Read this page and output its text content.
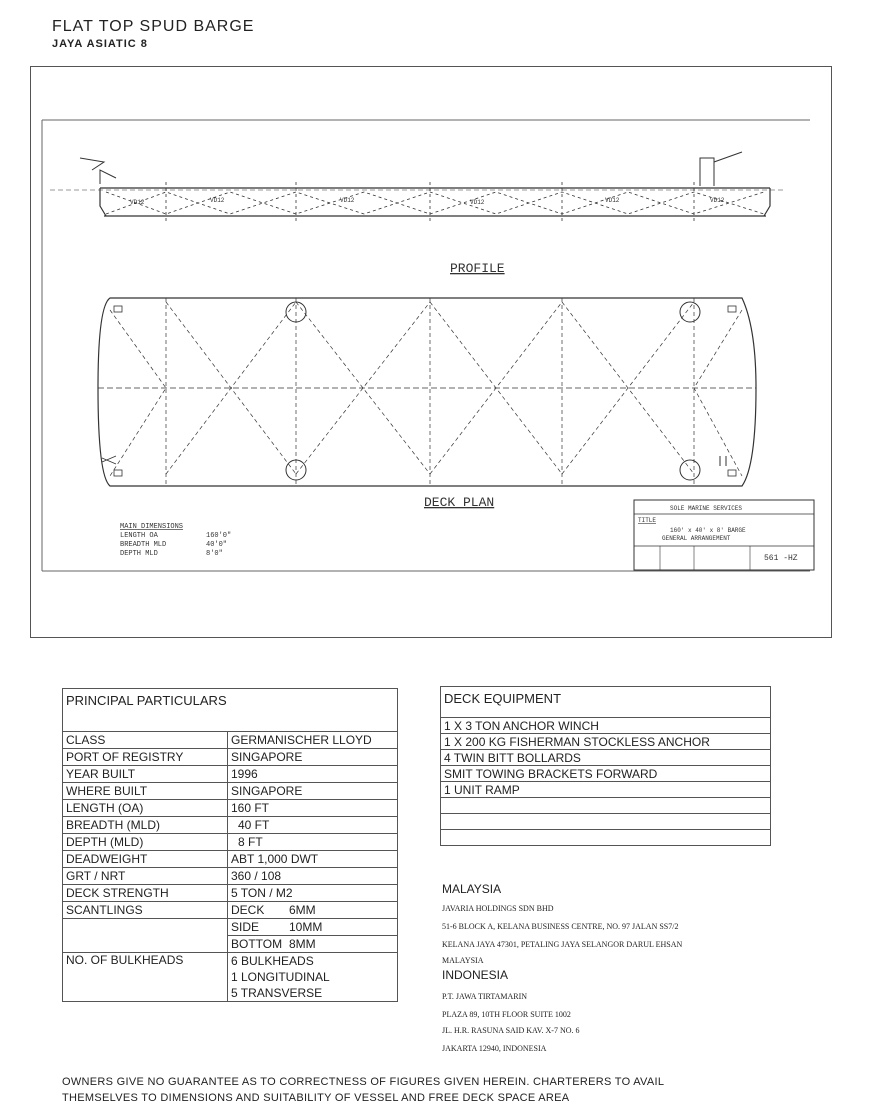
FLAT TOP SPUD BARGE
JAYA ASIATIC 8
VD12	VD12	VD12	VD12	VD12	VD12
PROFILE
DECK PLAN
MAIN DIMENSIONS
LENGTH OA	160'0"
BREADTH MLD	40'0"
DEPTH MLD	8'0"
SOLE MARINE SERVICES
TITLE
160' x 40' x 8' BARGE
GENERAL ARRANGEMENT
561 -HZ
PRINCIPAL PARTICULARS	
CLASS	GERMANISCHER LLOYD
PORT OF REGISTRY	SINGAPORE
YEAR BUILT	1996
WHERE BUILT	SINGAPORE
LENGTH (OA)	160 FT
BREADTH (MLD)	40 FT
DEPTH (MLD)	8 FT
DEADWEIGHT	ABT 1,000 DWT
GRT / NRT	360 / 108
DECK STRENGTH	5 TON / M2
SCANTLINGS	DECK 6MM
	SIDE 10MM
	BOTTOM 8MM
NO. OF BULKHEADS	6 BULKHEADS
1 LONGITUDINAL
5 TRANSVERSE
DECK EQUIPMENT
1 X 3 TON ANCHOR WINCH
1 X 200 KG FISHERMAN STOCKLESS ANCHOR
4 TWIN BITT BOLLARDS
SMIT TOWING BRACKETS FORWARD
1 UNIT RAMP

MALAYSIA
JAVARIA HOLDINGS SDN BHD
51-6 BLOCK A, KELANA BUSINESS CENTRE, NO. 97 JALAN SS7/2
KELANA JAYA 47301, PETALING JAYA SELANGOR DARUL EHSAN
MALAYSIA
INDONESIA
P.T. JAWA TIRTAMARIN
PLAZA 89, 10TH FLOOR SUITE 1002
JL. H.R. RASUNA SAID KAV. X-7 NO. 6
JAKARTA 12940, INDONESIA
OWNERS GIVE NO GUARANTEE AS TO CORRECTNESS OF FIGURES GIVEN HEREIN. CHARTERERS TO AVAIL
THEMSELVES TO DIMENSIONS AND SUITABILITY OF VESSEL AND FREE DECK SPACE AREA
